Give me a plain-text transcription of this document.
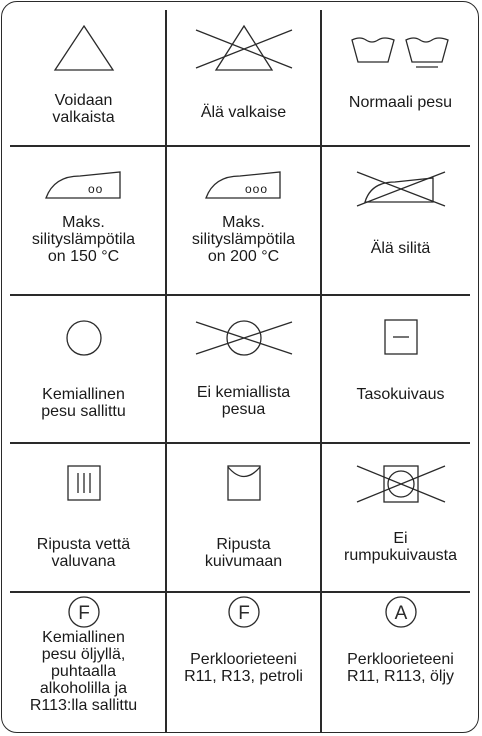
Voidaan
valkaista	Älä valkaise
Normaali pesu
oo
Maks.
silityslämpötila
on 150 °C
ooo
Maks.
silityslämpötila
on 200 °C	Älä silitä
Kemiallinen
pesu sallittu
Ei kemiallista
pesua
Tasokuivaus
Ripusta vettä
valuvana
Ripusta
kuivumaan
Ei
rumpukuivausta
F
Kemiallinen
pesu öljyllä,
puhtaalla
alkoholilla ja
R113:lla sallittu
F
Perkloorieteeni
R11, R13, petroli
A
Perkloorieteeni
R11, R113, öljy
